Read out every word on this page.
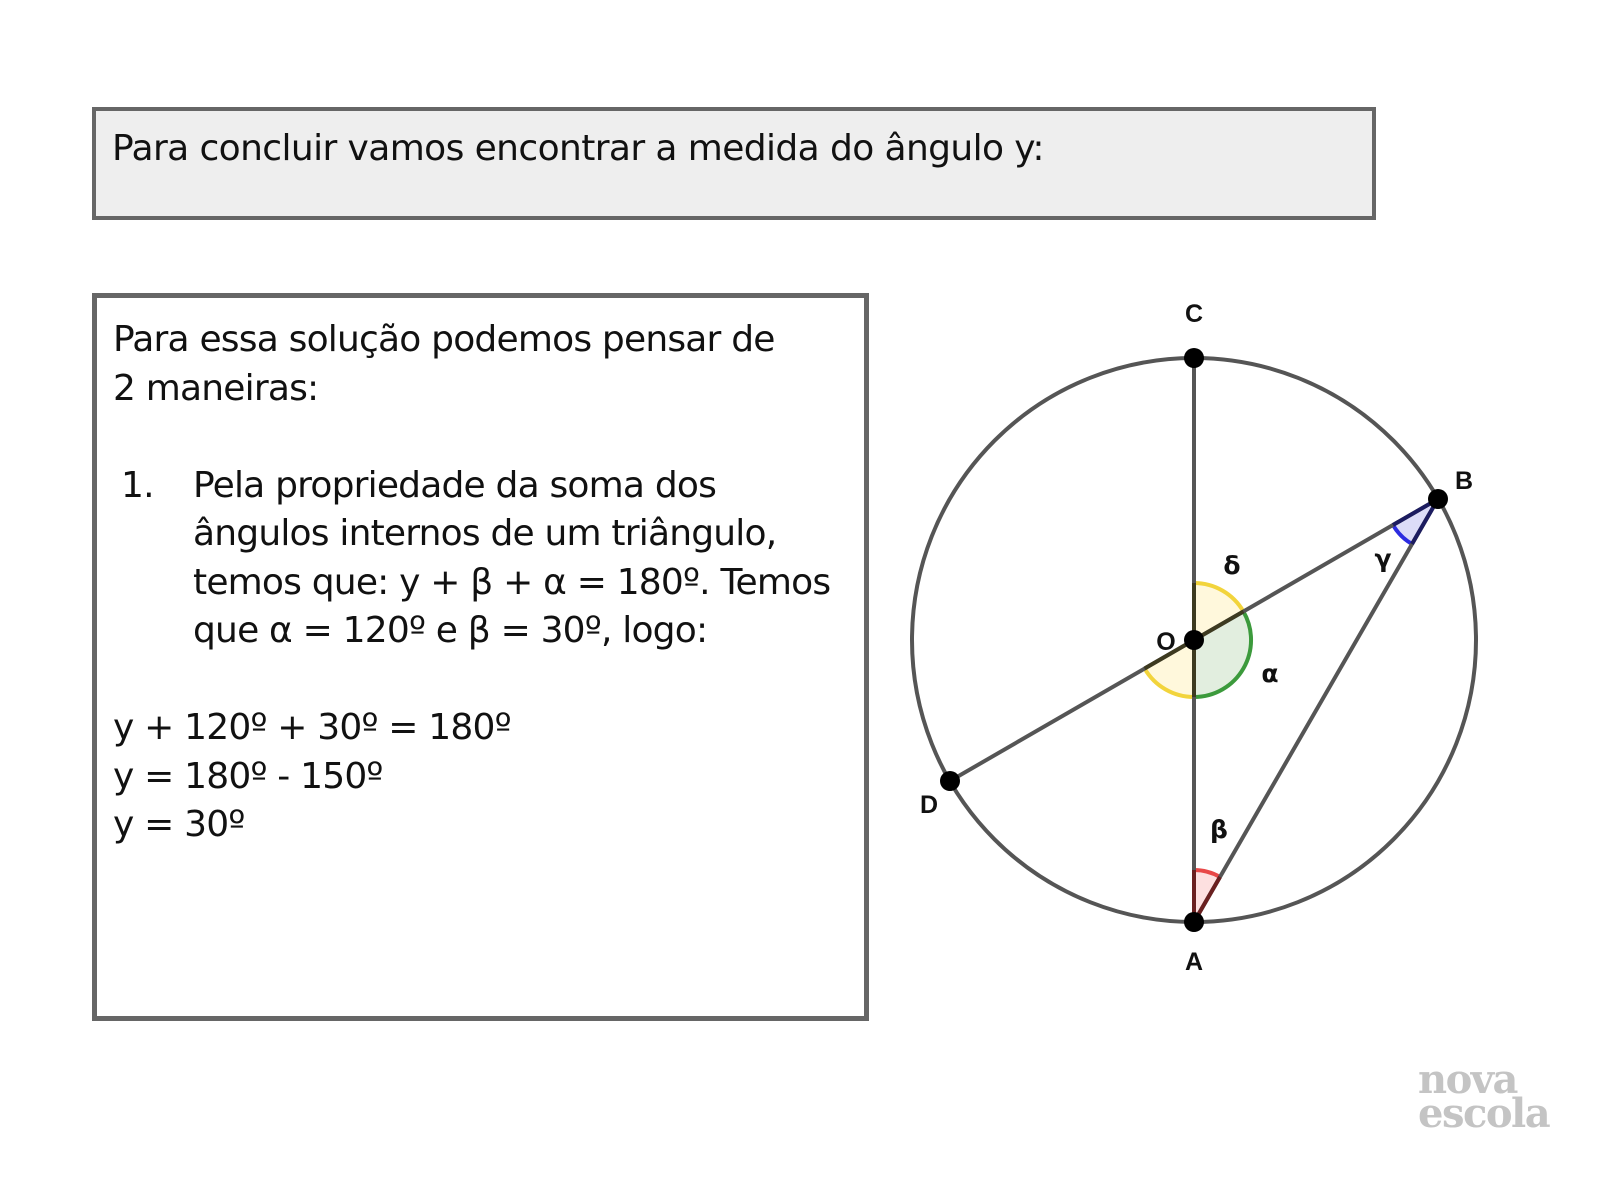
Para concluir vamos encontrar a medida do ângulo y:

Para essa solução podemos pensar de

2 maneiras:

1.	Pela propriedade da soma dos
ângulos internos de um triângulo,
temos que: y + β + α = 180º. Temos
que α = 120º e β = 30º, logo:
y + 120º + 30º = 180º
y = 180º - 150º
y = 30º
C
B
O
D
A
δ
α
β
γ
nova
escola
